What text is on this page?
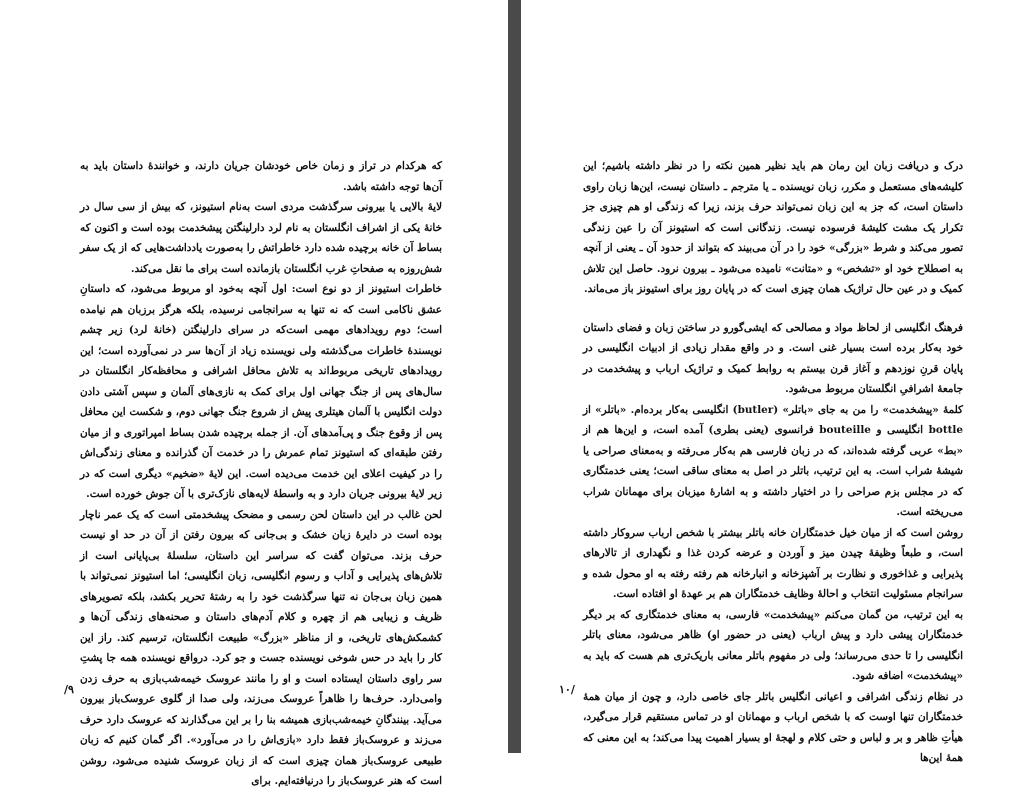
که هرکدام در تراز و زمان خاص خودشان جریان دارند، و خوانندهٔ داستان باید به آن‌ها توجه داشته باشد.

لایهٔ بالایی یا بیرونی سرگذشت مردی است به‌نام استیونز، که بیش از سی سال در خانهٔ یکی از اشراف انگلستان به نام لرد دارلینگتن پیشخدمت بوده است و اکنون که بساط آن خانه برچیده شده دارد خاطراتش را به‌صورت یادداشت‌هایی که از یک سفر شش‌روزه به صفحاتِ غرب انگلستان بازمانده است برای ما نقل می‌کند.

خاطرات استیونز از دو نوع است: اول آنچه به‌خود او مربوط می‌شود، که داستانِ عشق ناکامی است که نه تنها به سرانجامی نرسیده، بلکه هرگز برزبان هم نیامده است؛ دوم رویدادهای مهمی است‌که در سرای دارلینگتن (خانهٔ لرد) زیر چشم نویسندهٔ خاطرات می‌گذشته ولی نویسنده زیاد از آن‌ها سر در نمی‌آورده است؛ این رویدادهای تاریخی مربوط‌اند به تلاش محافل اشرافی و محافظه‌کار انگلستان در سال‌های پس از جنگ جهانی اول برای کمک به نازی‌های آلمان و سپس آشتی دادن دولت انگلیس با آلمان هیتلری پیش از شروع جنگ جهانی دوم، و شکست این محافل پس از وقوع جنگ و پی‌آمدهای آن. از جمله برچیده شدن بساط امپراتوری و از میان رفتن طبقه‌ای که استیونز تمام عمرش را در خدمت آن گذرانده و معنای زندگی‌اش را در کیفیت اعلای این خدمت می‌دیده است. این لایهٔ «ضخیم» دیگری است که در زیر لایهٔ بیرونی جریان دارد و به واسطهٔ لایه‌های نازک‌تری با آن جوش خورده است.

لحن غالب در این داستان لحن رسمی و مضحک پیشخدمتی است که یک عمر ناچار بوده است در دایرهٔ زبان خشک و بی‌جانی که بیرون رفتن از آن در حد او نیست حرف بزند. می‌توان گفت که سراسر این داستان، سلسلهٔ بی‌پایانی است از تلاش‌های پذیرایی و آداب و رسوم انگلیسی، زبان انگلیسی؛ اما استیونز نمی‌تواند با همین زبان بی‌جان نه تنها سرگذشت خود را به رشتهٔ تحریر بکشد، بلکه تصویرهای ظریف و زیبایی هم از چهره و کلام آدم‌های داستان و صحنه‌های زندگی آن‌ها و کشمکش‌های تاریخی، و از مناظر «بزرگ» طبیعت انگلستان، ترسیم کند. راز این کار را باید در حس شوخی نویسنده جست و جو کرد. درواقع نویسنده همه جا پشتِ سر راوی داستان ایستاده است و او را مانند عروسک خیمه‌شب‌بازی به حرف زدن وامی‌دارد. حرف‌ها را ظاهراً عروسک می‌زند، ولی صدا از گلوی عروسک‌باز بیرون می‌آید. بینندگانِ خیمه‌شب‌بازی همیشه بنا را بر این می‌گذارند که عروسک دارد حرف می‌زند و عروسک‌باز فقط دارد «بازی‌اش را در می‌آورد». اگر گمان کنیم که زبان طبیعی عروسک‌باز همان چیزی است که از زبان عروسک شنیده می‌شود، روشن است که هنر عروسک‌باز را درنیافته‌ایم. برای

۹/

درک و دریافت زبان این رمان هم باید نظیر همین نکته را در نظر داشته باشیم؛ این کلیشه‌های مستعمل و مکرر، زبان نویسنده ـ یا مترجم ـ داستان نیست، این‌ها زبان راوی داستان است، که جز به این زبان نمی‌تواند حرف بزند، زیرا که زندگی او هم چیزی جز تکرار یک مشت کلیشهٔ فرسوده نیست. زندگانی است که استیونز آن را عین زندگی تصور می‌کند و شرط «بزرگی» خود را در آن می‌بیند که بتواند از حدود آن ـ یعنی از آنچه به اصطلاح خود او «تشخص» و «متانت» نامیده می‌شود ـ بیرون نرود. حاصل این تلاش کمیک و در عین حال تراژیک همان چیزی است که در پایان روز برای استیونز باز می‌ماند.

فرهنگ انگلیسی از لحاظ مواد و مصالحی که ایشی‌گورو در ساختن زبان و فضای داستان خود به‌کار برده است بسیار غنی است. و در واقع مقدار زیادی از ادبیات انگلیسی در پایان قرنِ نوزدهم و آغاز قرن بیستم به روابط کمیک و تراژیک ارباب و پیشخدمت در جامعهٔ اشرافیِ انگلستان مربوط می‌شود.

کلمهٔ «پیشخدمت» را من به جای «باتلر» (butler) انگلیسی به‌کار برده‌ام. «باتلر» از bottle انگلیسی و bouteille فرانسوی (یعنی بطری) آمده است، و این‌ها هم از «بط» عربی گرفته شده‌اند، که در زبان فارسی هم به‌کار می‌رفته و به‌معنای صراحی یا شیشهٔ شراب است. به این ترتیب، باتلر در اصل به معنای ساقی است؛ یعنی خدمتگاری که در مجلس بزم صراحی را در اختیار داشته و به اشارهٔ میزبان برای مهمانان شراب می‌ریخته است.

روشن است که از میان خیل خدمتگاران خانه باتلر بیشتر با شخص ارباب سروکار داشته است، و طبعاً وظیفهٔ چیدن میز و آوردن و عرضه کردن غذا و نگهداری از تالارهای پذیرایی و غذاخوری و نظارت بر آشپزخانه و انبارخانه هم رفته رفته به او محول شده و سرانجام مسئولیت انتخاب و احالهٔ وظایف خدمتگاران هم بر عهدهٔ او افتاده است.

به این ترتیب، من گمان می‌کنم «پیشخدمت» فارسی، به معنای خدمتگاری که بر دیگر خدمتگاران پیشی دارد و پیش ارباب (یعنی در حضور او) ظاهر می‌شود، معنای باتلر انگلیسی را تا حدی می‌رساند؛ ولی در مفهوم باتلر معانی باریک‌تری هم هست که باید به «پیشخدمت» اضافه شود.

در نظام زندگی اشرافی و اعیانی انگلیس باتلر جای خاصی دارد، و چون از میان همهٔ خدمتگاران تنها اوست که با شخص ارباب و مهمانان او در تماس مستقیم قرار می‌گیرد، هیأتِ ظاهر و بر و لباس و حتی کلام و لهجهٔ او بسیار اهمیت پیدا می‌کند؛ به این معنی که همهٔ این‌ها

/۱۰
